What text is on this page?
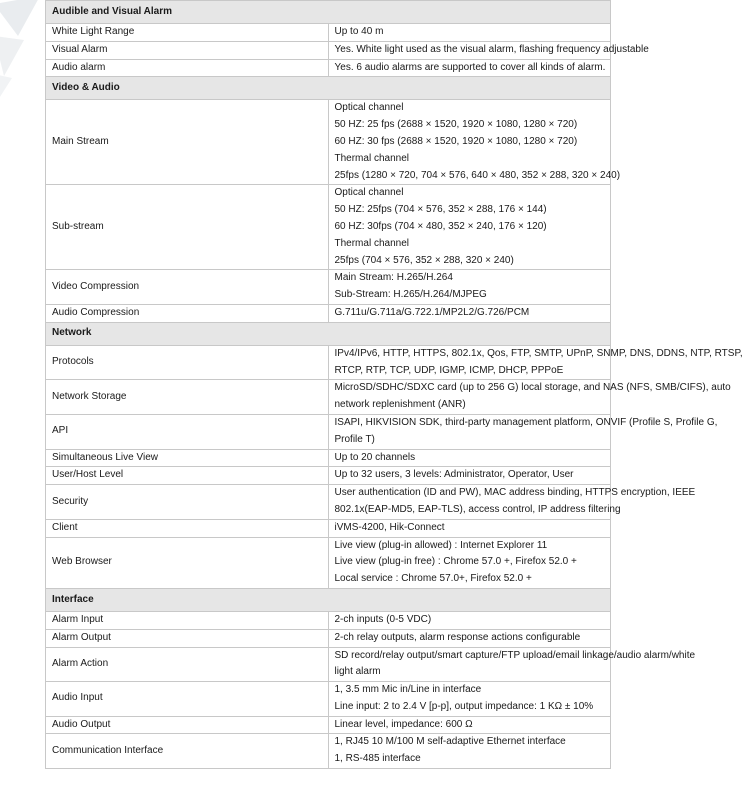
Audible and Visual Alarm	
White Light Range	Up to 40 m

Visual Alarm	Yes. White light used as the visual alarm, flashing frequency adjustable

Audio alarm	Yes. 6 audio alarms are supported to cover all kinds of alarm.

Video & Audio	
Main Stream	Optical channel
50 HZ: 25 fps (2688 × 1520, 1920 × 1080, 1280 × 720)
60 HZ: 30 fps (2688 × 1520, 1920 × 1080, 1280 × 720)
Thermal channel
25fps (1280 × 720, 704 × 576, 640 × 480, 352 × 288, 320 × 240)

Sub-stream	Optical channel
50 HZ: 25fps (704 × 576, 352 × 288, 176 × 144)
60 HZ: 30fps (704 × 480, 352 × 240, 176 × 120)
Thermal channel
25fps (704 × 576, 352 × 288, 320 × 240)

Video Compression	Main Stream: H.265/H.264
Sub-Stream: H.265/H.264/MJPEG

Audio Compression	G.711u/G.711a/G.722.1/MP2L2/G.726/PCM

Network	
Protocols	IPv4/IPv6, HTTP, HTTPS, 802.1x, Qos, FTP, SMTP, UPnP, SNMP, DNS, DDNS, NTP, RTSP,
RTCP, RTP, TCP, UDP, IGMP, ICMP, DHCP, PPPoE

Network Storage	MicroSD/SDHC/SDXC card (up to 256 G) local storage, and NAS (NFS, SMB/CIFS), auto
network replenishment (ANR)

API	ISAPI, HIKVISION SDK, third-party management platform, ONVIF (Profile S, Profile G,
Profile T)

Simultaneous Live View	Up to 20 channels

User/Host Level	Up to 32 users, 3 levels: Administrator, Operator, User

Security	User authentication (ID and PW), MAC address binding, HTTPS encryption, IEEE
802.1x(EAP-MD5, EAP-TLS), access control, IP address filtering

Client	iVMS-4200, Hik-Connect

Web Browser	Live view (plug-in allowed) : Internet Explorer 11
Live view (plug-in free) : Chrome 57.0 +, Firefox 52.0 +
Local service : Chrome 57.0+, Firefox 52.0 +

Interface	
Alarm Input	2-ch inputs (0-5 VDC)

Alarm Output	2-ch relay outputs, alarm response actions configurable

Alarm Action	SD record/relay output/smart capture/FTP upload/email linkage/audio alarm/white
light alarm

Audio Input	1, 3.5 mm Mic in/Line in interface
Line input: 2 to 2.4 V [p-p], output impedance: 1 KΩ ± 10%

Audio Output	Linear level, impedance: 600 Ω

Communication Interface	1, RJ45 10 M/100 M self-adaptive Ethernet interface
1, RS-485 interface
